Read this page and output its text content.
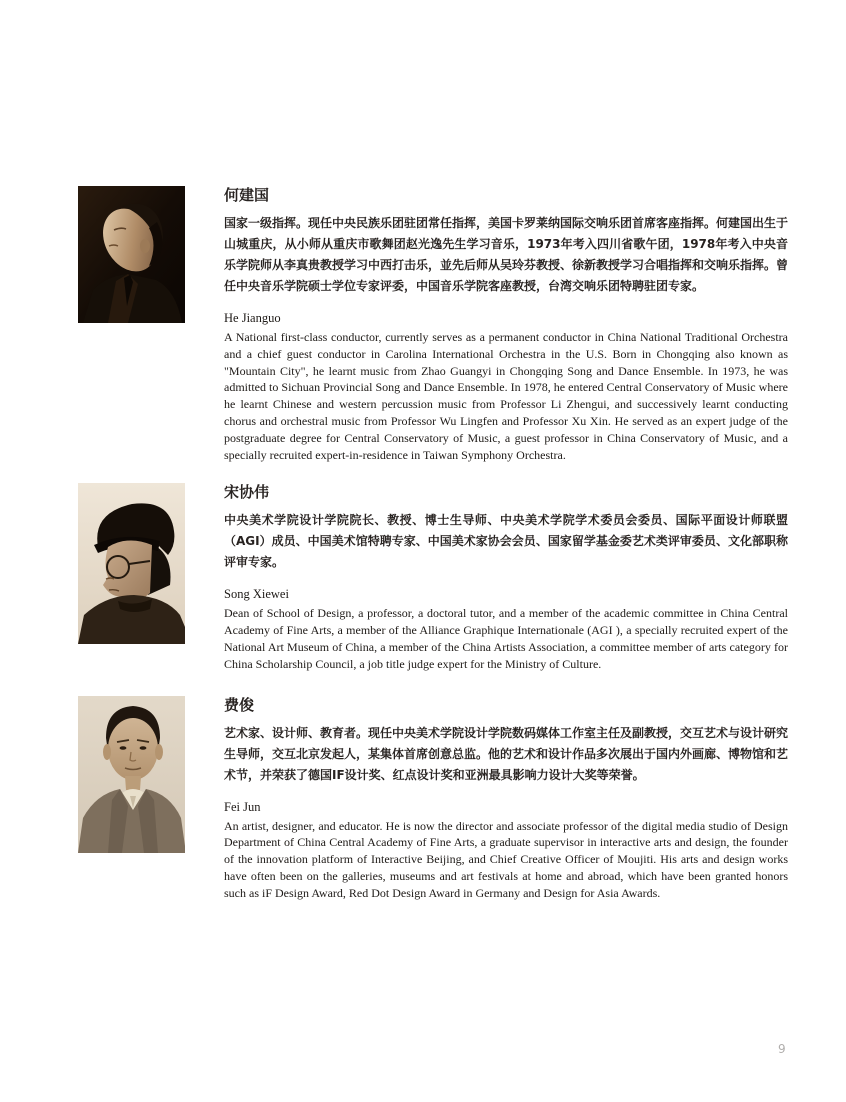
何建国

国家一级指挥。现任中央民族乐团驻团常任指挥，美国卡罗莱纳国际交响乐团首席客座指挥。何建国出生于山城重庆，从小师从重庆市歌舞团赵光逸先生学习音乐，1973年考入四川省歌午团，1978年考入中央音乐学院师从李真贵教授学习中西打击乐，並先后师从吴玲芬教授、徐新教授学习合唱指挥和交响乐指挥。曾任中央音乐学院硕士学位专家评委，中国音乐学院客座教授，台湾交响乐团特聘驻团专家。

He Jianguo

A National first-class conductor, currently serves as a permanent conductor in China National Traditional Orchestra and a chief guest conductor in Carolina International Orchestra in the U.S. Born in Chongqing also known as "Mountain City", he learnt music from Zhao Guangyi in Chongqing Song and Dance Ensemble. In 1973, he was admitted to Sichuan Provincial Song and Dance Ensemble. In 1978, he entered Central Conservatory of Music where he learnt Chinese and western percussion music from Professor Li Zhengui, and successively learnt conducting chorus and orchestral music from Professor Wu Lingfen and Professor Xu Xin. He served as an expert judge of the postgraduate degree for Central Conservatory of Music, a guest professor in China Conservatory of Music, and a specially recruited expert-in-residence in Taiwan Symphony Orchestra.

宋协伟

中央美术学院设计学院院长、教授、博士生导师、中央美术学院学术委员会委员、国际平面设计师联盟（AGI）成员、中国美术馆特聘专家、中国美术家协会会员、国家留学基金委艺术类评审委员、文化部职称评审专家。

Song Xiewei

Dean of School of Design, a professor, a doctoral tutor, and a member of the academic committee in China Central Academy of Fine Arts, a member of the Alliance Graphique Internationale (AGI ), a specially recruited expert of the National Art Museum of China, a member of the China Artists Association, a committee member of arts category for China Scholarship Council, a job title judge expert for the Ministry of Culture.

费俊

艺术家、设计师、教育者。现任中央美术学院设计学院数码媒体工作室主任及副教授，交互艺术与设计研究生导师，交互北京发起人，某集体首席创意总监。他的艺术和设计作品多次展出于国内外画廊、博物馆和艺术节，并荣获了德国IF设计奖、红点设计奖和亚洲最具影响力设计大奖等荣誉。

Fei Jun

An artist, designer, and educator. He is now the director and associate professor of the digital media studio of Design Department of China Central Academy of Fine Arts, a graduate supervisor in interactive arts and design, the founder of the innovation platform of Interactive Beijing, and Chief Creative Officer of Moujiti. His arts and design works have often been on the galleries, museums and art festivals at home and abroad, which have been granted honors such as iF Design Award, Red Dot Design Award in Germany and Design for Asia Awards.

9
